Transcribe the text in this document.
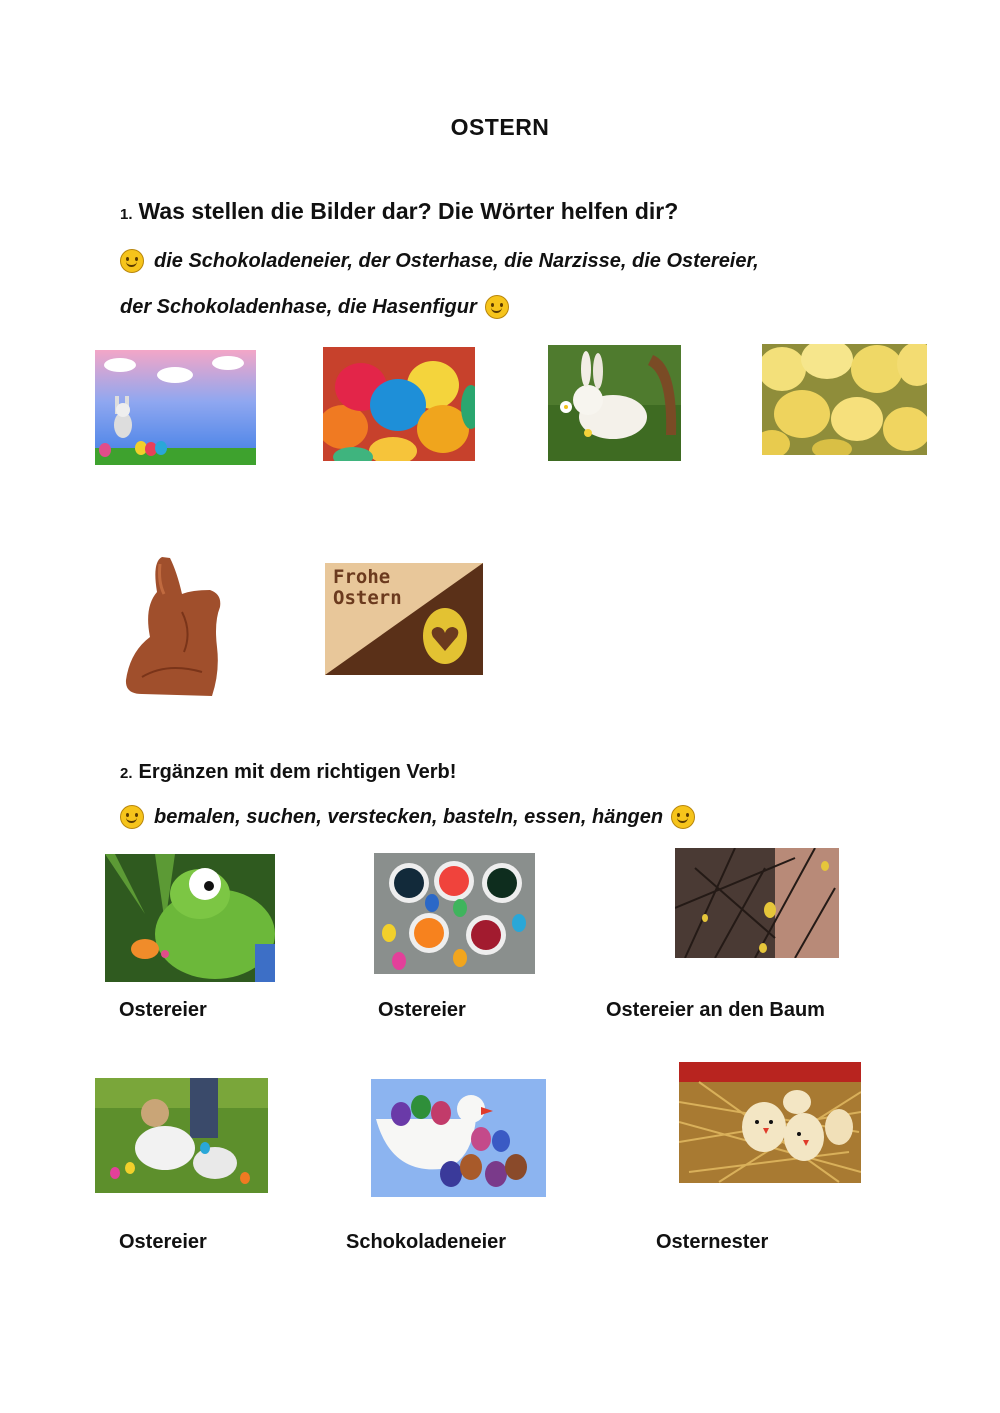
OSTERN
1. Was stellen die Bilder dar? Die Wörter helfen dir?
die Schokoladeneier, der Osterhase, die Narzisse, die Ostereier,
der Schokoladenhase, die Hasenfigur
Frohe
Ostern
2. Ergänzen mit dem richtigen Verb!
bemalen, suchen, verstecken, basteln, essen, hängen
Ostereier	Ostereier	Ostereier an den Baum
Ostereier	Schokoladeneier	Osternester
